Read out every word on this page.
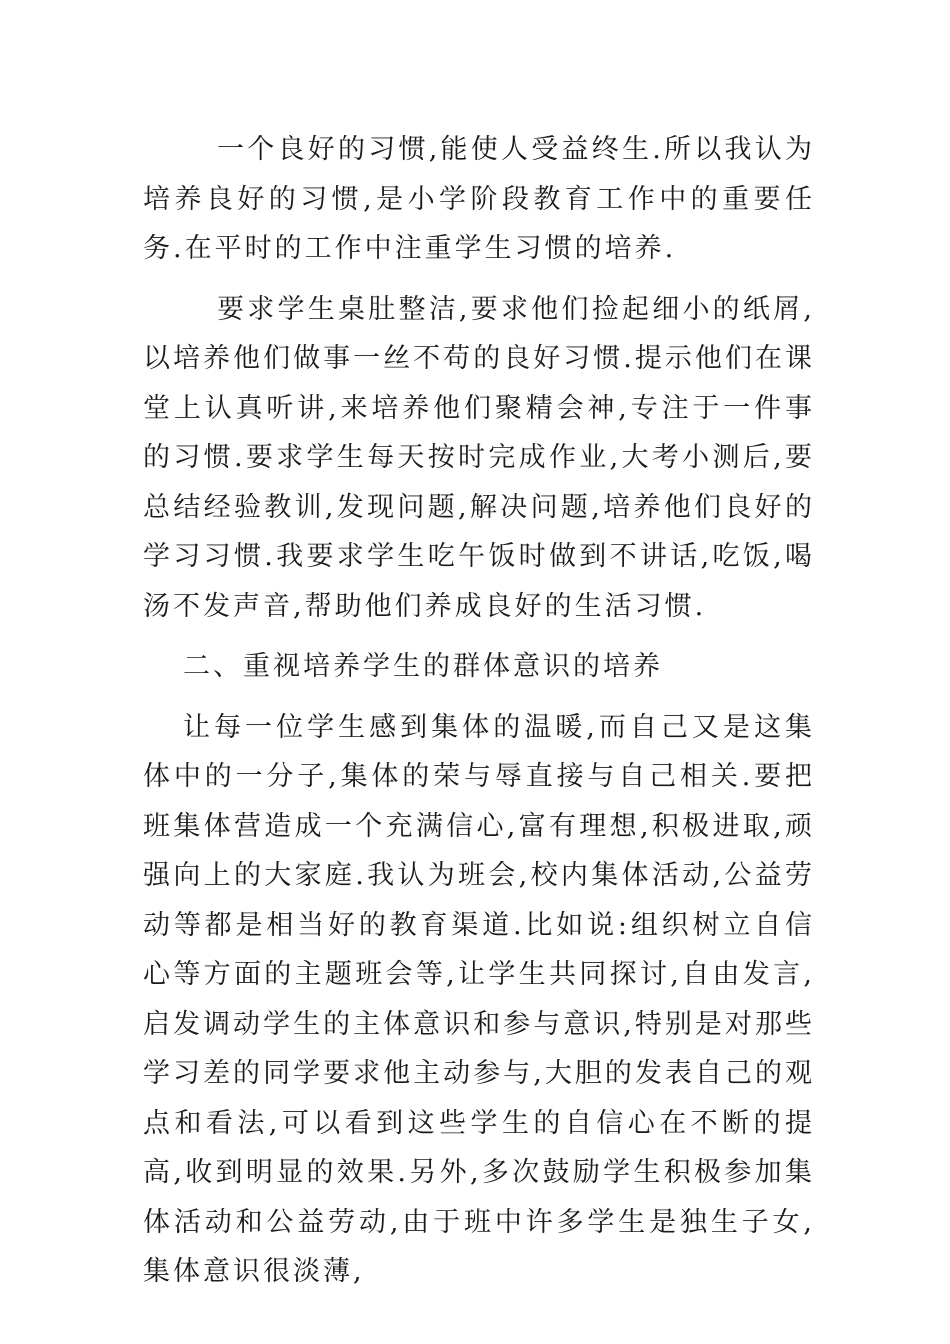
一个良好的习惯,能使人受益终生.所以我认为培养良好的习惯,是小学阶段教育工作中的重要任务.在平时的工作中注重学生习惯的培养.

要求学生桌肚整洁,要求他们捡起细小的纸屑,以培养他们做事一丝不苟的良好习惯.提示他们在课堂上认真听讲,来培养他们聚精会神,专注于一件事的习惯.要求学生每天按时完成作业,大考小测后,要总结经验教训,发现问题,解决问题,培养他们良好的学习习惯.我要求学生吃午饭时做到不讲话,吃饭,喝汤不发声音,帮助他们养成良好的生活习惯.

二、重视培养学生的群体意识的培养

让每一位学生感到集体的温暖,而自己又是这集体中的一分子,集体的荣与辱直接与自己相关.要把班集体营造成一个充满信心,富有理想,积极进取,顽强向上的大家庭.我认为班会,校内集体活动,公益劳动等都是相当好的教育渠道.比如说:组织树立自信心等方面的主题班会等,让学生共同探讨,自由发言,启发调动学生的主体意识和参与意识,特别是对那些学习差的同学要求他主动参与,大胆的发表自己的观点和看法,可以看到这些学生的自信心在不断的提高,收到明显的效果.另外,多次鼓励学生积极参加集体活动和公益劳动,由于班中许多学生是独生子女,集体意识很淡薄,
